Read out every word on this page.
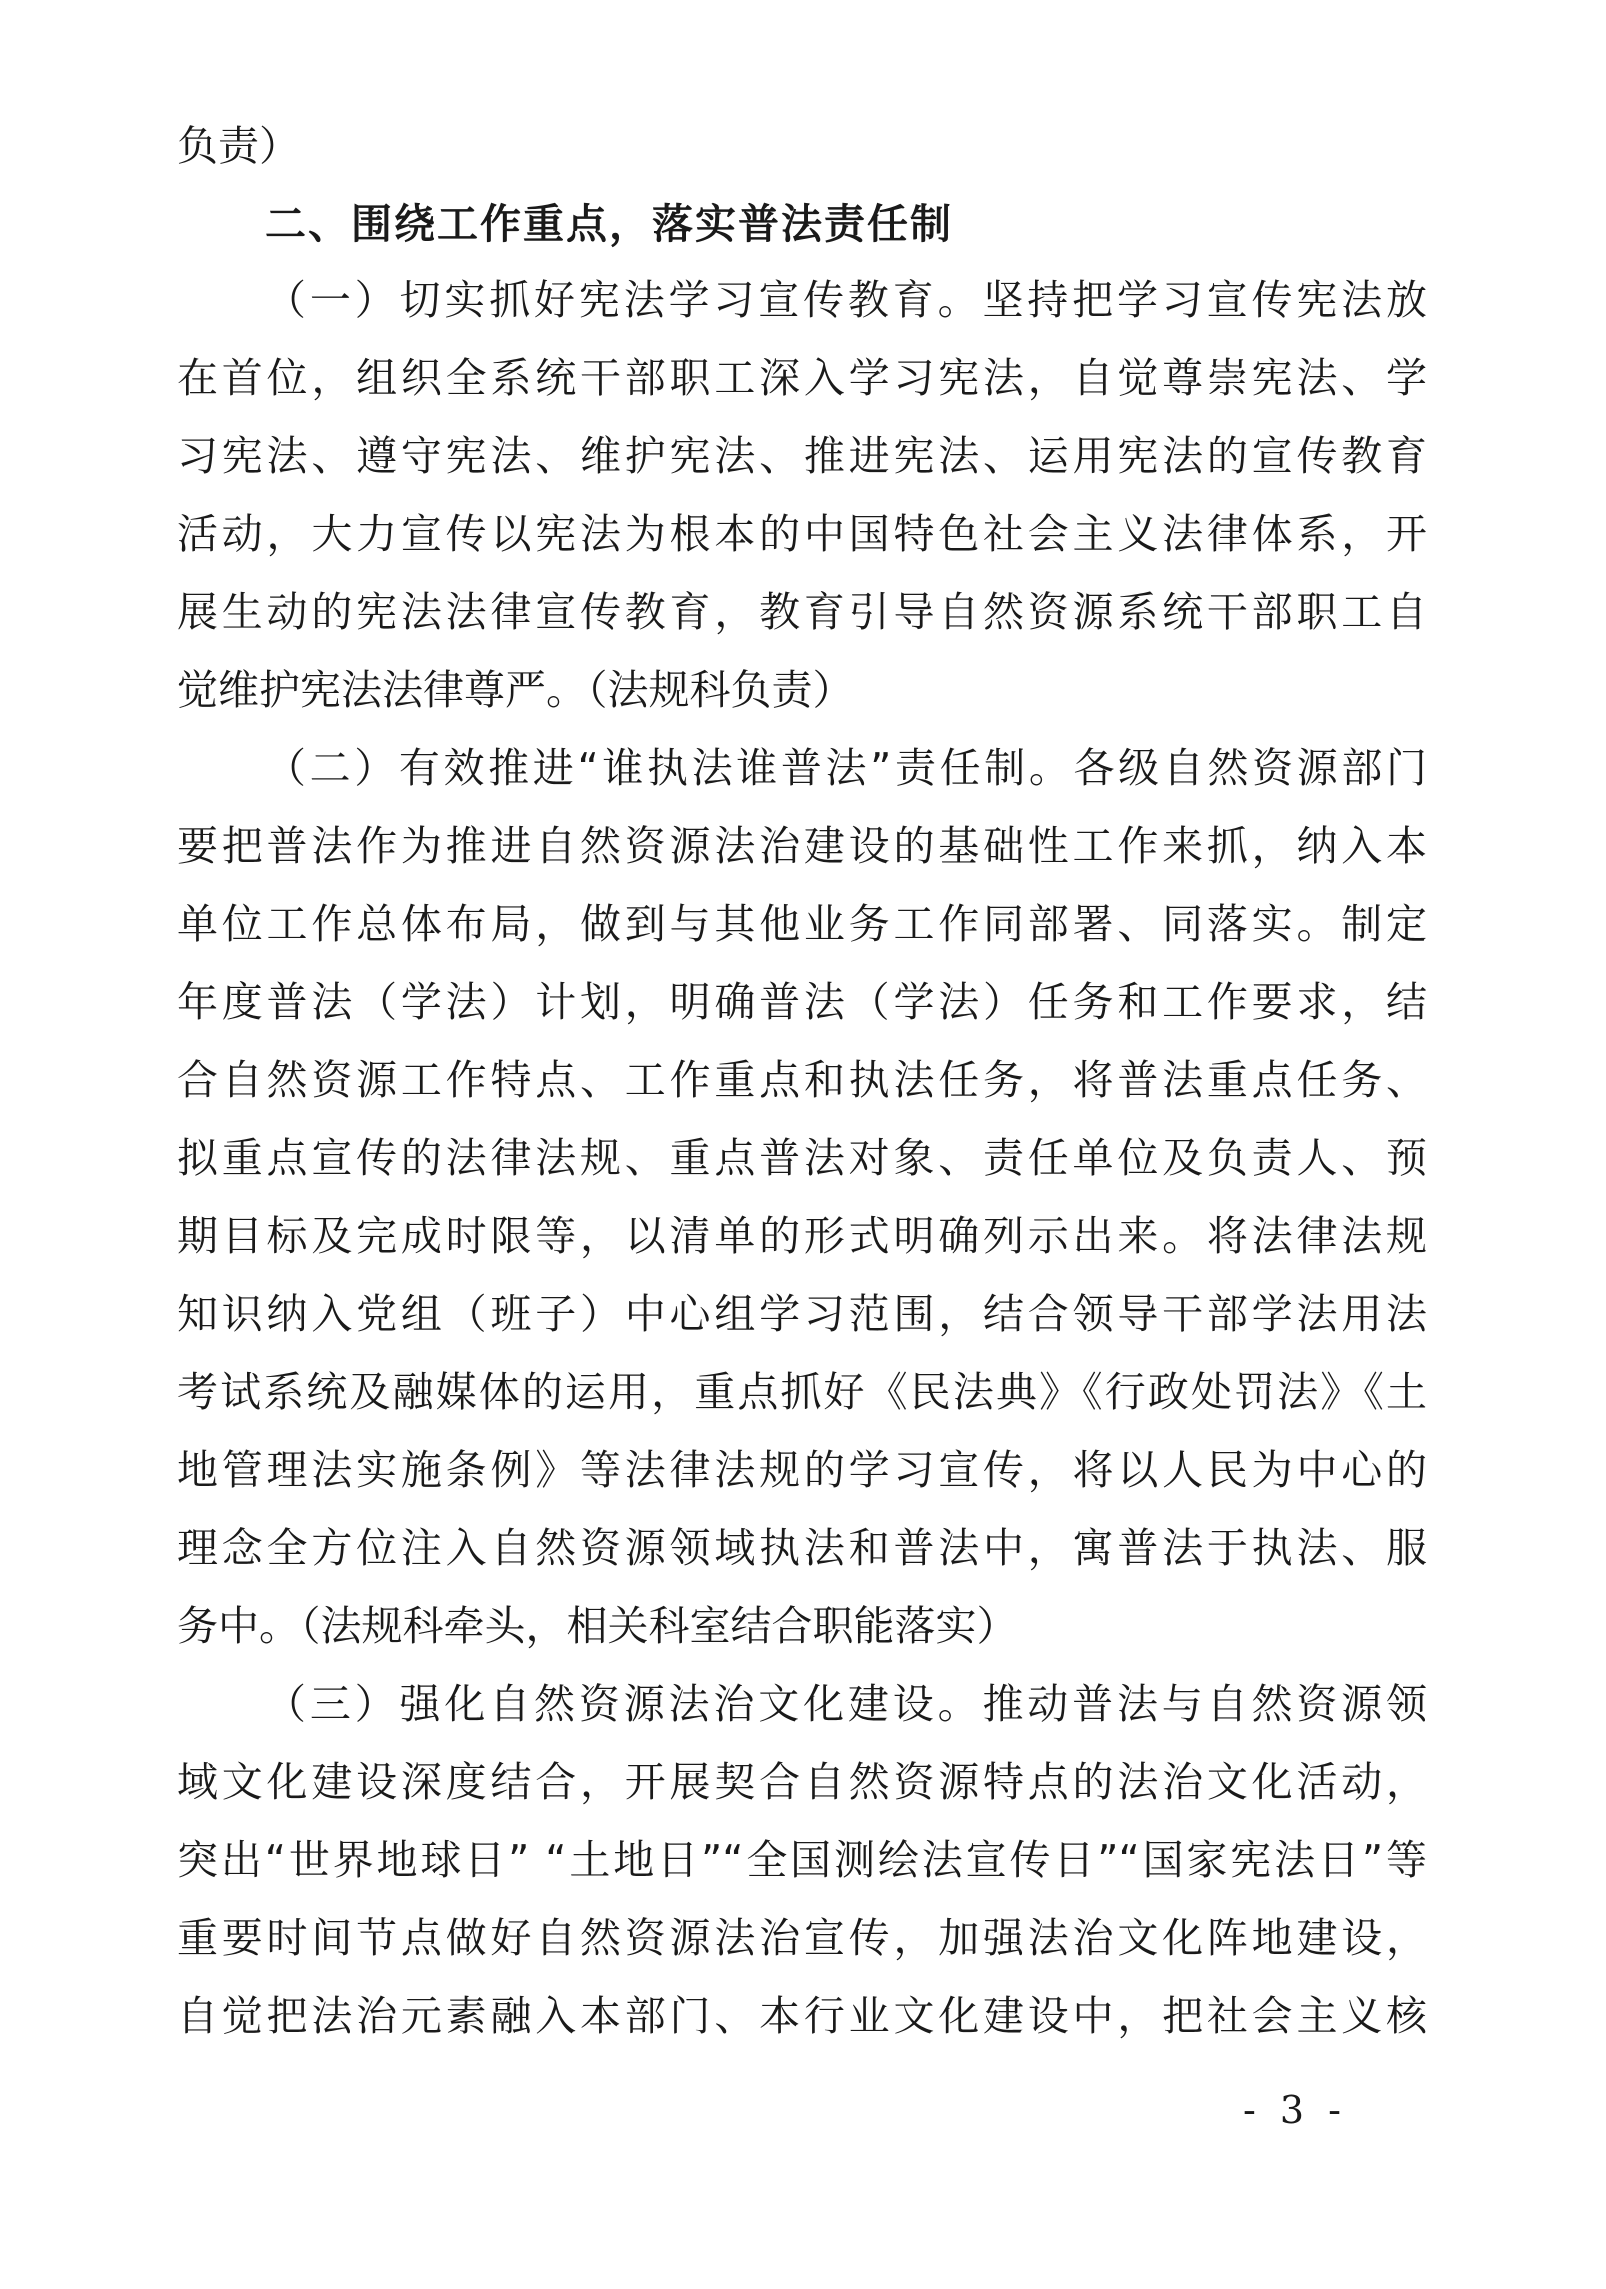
负责）
二、围绕工作重点，落实普法责任制
（一）切实抓好宪法学习宣传教育。坚持把学习宣传宪法放
在首位，组织全系统干部职工深入学习宪法，自觉尊崇宪法、学
习宪法、遵守宪法、维护宪法、推进宪法、运用宪法的宣传教育
活动，大力宣传以宪法为根本的中国特色社会主义法律体系，开
展生动的宪法法律宣传教育，教育引导自然资源系统干部职工自
觉维护宪法法律尊严。（法规科负责）
（二）有效推进“谁执法谁普法”责任制。各级自然资源部门
要把普法作为推进自然资源法治建设的基础性工作来抓，纳入本
单位工作总体布局，做到与其他业务工作同部署、同落实。制定
年度普法（学法）计划，明确普法（学法）任务和工作要求，结
合自然资源工作特点、工作重点和执法任务，将普法重点任务、
拟重点宣传的法律法规、重点普法对象、责任单位及负责人、预
期目标及完成时限等，以清单的形式明确列示出来。将法律法规
知识纳入党组（班子）中心组学习范围，结合领导干部学法用法
考试系统及融媒体的运用，重点抓好《民法典》《行政处罚法》《土
地管理法实施条例》等法律法规的学习宣传，将以人民为中心的
理念全方位注入自然资源领域执法和普法中，寓普法于执法、服
务中。（法规科牵头，相关科室结合职能落实）
（三）强化自然资源法治文化建设。推动普法与自然资源领
域文化建设深度结合，开展契合自然资源特点的法治文化活动，
突出“世界地球日” “土地日”“全国测绘法宣传日”“国家宪法日”等
重要时间节点做好自然资源法治宣传，加强法治文化阵地建设，
自觉把法治元素融入本部门、本行业文化建设中，把社会主义核
- 3 -
